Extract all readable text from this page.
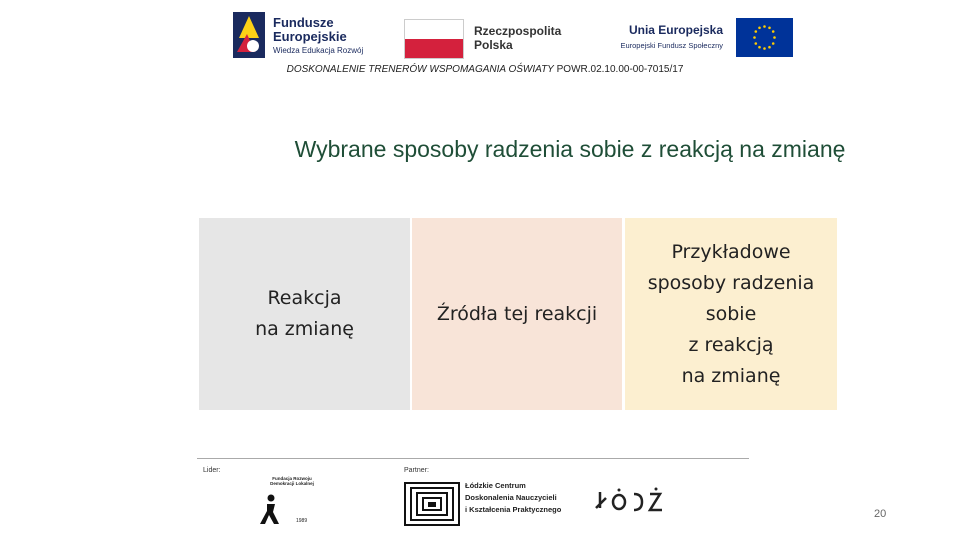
Fundusze Europejskie
Wiedza Edukacja Rozwój
Rzeczpospolita Polska
Unia Europejska
Europejski Fundusz Społeczny
DOSKONALENIE TRENERÓW WSPOMAGANIA OŚWIATY POWR.02.10.00-00-7015/17
Wybrane sposoby radzenia sobie z reakcją na zmianę
Reakcja
na zmianę
Źródła tej reakcji
Przykładowe
sposoby radzenia
sobie
z reakcją
na zmianę
Lider:	Partner:
Fundacja Rozwoju Demokracji Lokalnej
1989
Łódzkie Centrum
Doskonalenia Nauczycieli
i Kształcenia Praktycznego	20
